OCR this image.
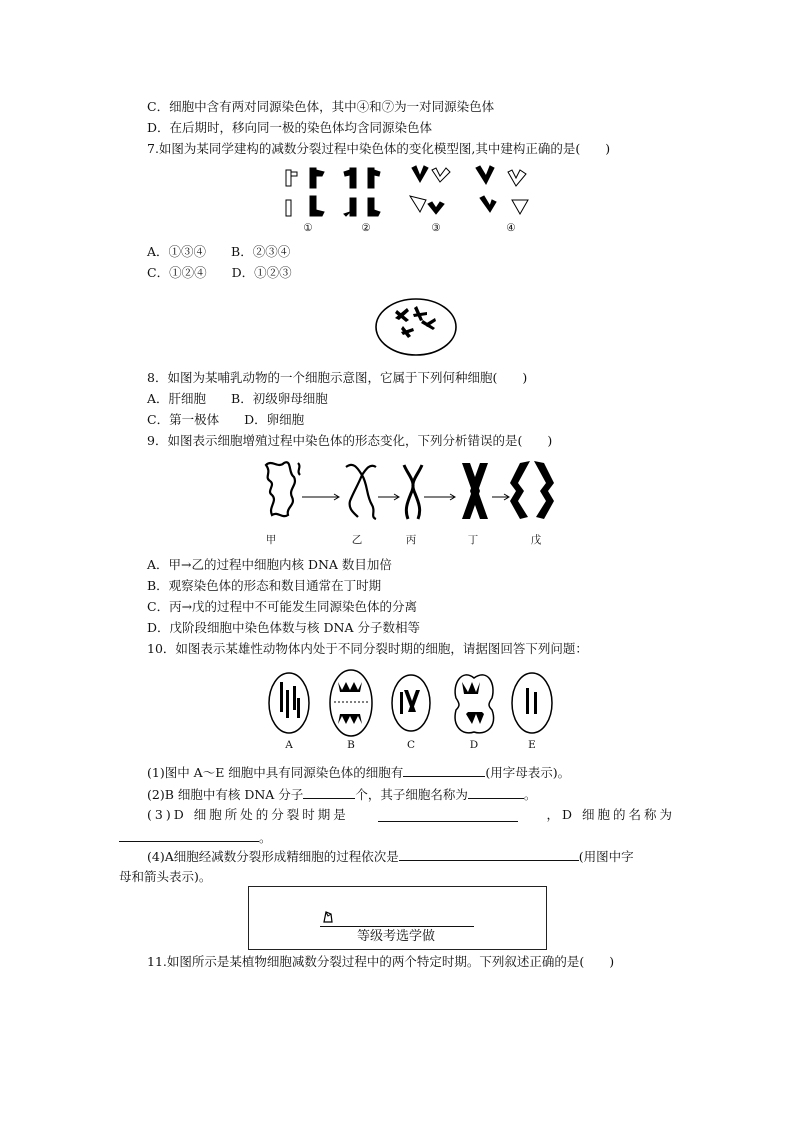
C．细胞中含有两对同源染色体，其中④和⑦为一对同源染色体
D．在后期时，移向同一极的染色体均含同源染色体
7.如图为某同学建构的减数分裂过程中染色体的变化模型图,其中建构正确的是(　　)
①	②	③	④
A．①③④　　B．②③④
C．①②④　　D．①②③
8．如图为某哺乳动物的一个细胞示意图，它属于下列何种细胞(　　)
A．肝细胞　　B．初级卵母细胞
C．第一极体　　D．卵细胞
9．如图表示细胞增殖过程中染色体的形态变化，下列分析错误的是(　　)
甲	乙	丙	丁	戊
A．甲→乙的过程中细胞内核 DNA 数目加倍
B．观察染色体的形态和数目通常在丁时期
C．丙→戊的过程中不可能发生同源染色体的分离
D．戊阶段细胞中染色体数与核 DNA 分子数相等
10．如图表示某雄性动物体内处于不同分裂时期的细胞，请据图回答下列问题：
A	B	C	D	E
(1)图中 A～E 细胞中具有同源染色体的细胞有	(用字母表示)。
(2)B 细胞中有核 DNA 分子	个，其子细胞名称为	。
(3)D 细胞所处的分裂时期是	，D 细胞的名称为
。
(4)A细胞经减数分裂形成精细胞的过程依次是	(用图中字
母和箭头表示)。
等级考选学做
11.如图所示是某植物细胞减数分裂过程中的两个特定时期。下列叙述正确的是(　　)
